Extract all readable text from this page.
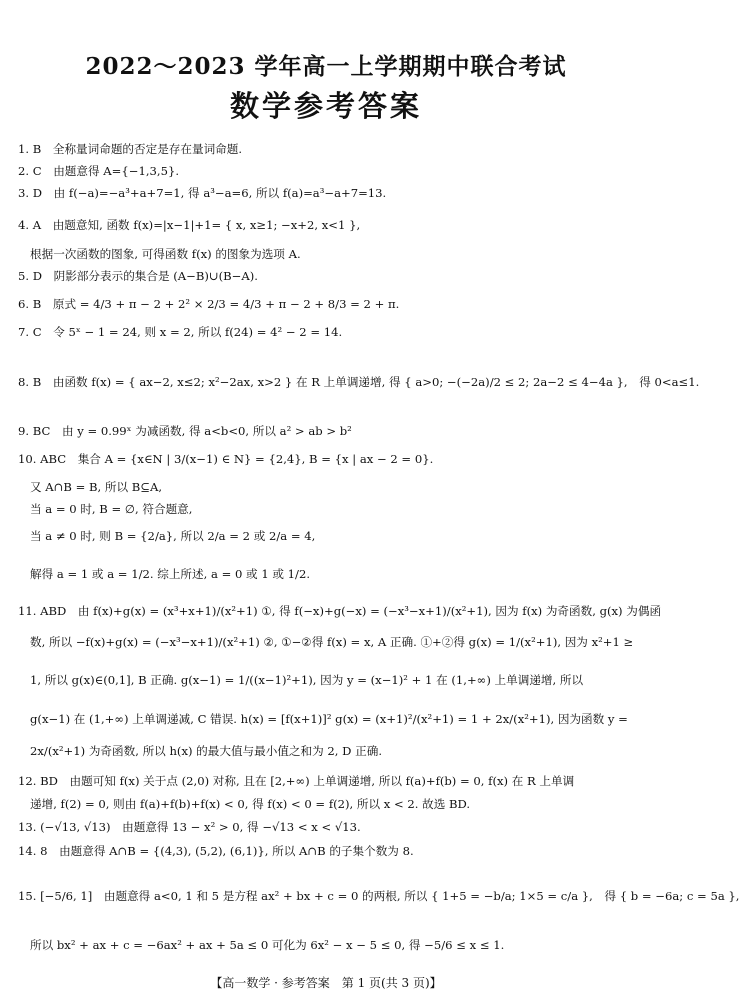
2022～2023 学年高一上学期期中联合考试
数学参考答案
1. B　全称量词命题的否定是存在量词命题.
2. C　由题意得 A={−1,3,5}.
3. D　由 f(−a)=−a³+a+7=1, 得 a³−a=6, 所以 f(a)=a³−a+7=13.
4. A　由题意知, 函数 f(x)=|x−1|+1= { x, x≥1; −x+2, x<1 },
根据一次函数的图象, 可得函数 f(x) 的图象为选项 A.
5. D　阴影部分表示的集合是 (A−B)∪(B−A).
6. B　原式 = 4/3 + π − 2 + 2² × 2/3 = 4/3 + π − 2 + 8/3 = 2 + π.
7. C　令 5ˣ − 1 = 24, 则 x = 2, 所以 f(24) = 4² − 2 = 14.
8. B　由函数 f(x) = { ax−2, x≤2; x²−2ax, x>2 } 在 R 上单调递增, 得 { a>0; −(−2a)/2 ≤ 2; 2a−2 ≤ 4−4a },　得 0<a≤1.
9. BC　由 y = 0.99ˣ 为减函数, 得 a<b<0, 所以 a² > ab > b²
10. ABC　集合 A = {x∈N | 3/(x−1) ∈ N} = {2,4}, B = {x | ax − 2 = 0}.
又 A∩B = B, 所以 B⊆A,
当 a = 0 时, B = ∅, 符合题意,
当 a ≠ 0 时, 则 B = {2/a}, 所以 2/a = 2 或 2/a = 4,
解得 a = 1 或 a = 1/2. 综上所述, a = 0 或 1 或 1/2.
11. ABD　由 f(x)+g(x) = (x³+x+1)/(x²+1) ①, 得 f(−x)+g(−x) = (−x³−x+1)/(x²+1), 因为 f(x) 为奇函数, g(x) 为偶函
数, 所以 −f(x)+g(x) = (−x³−x+1)/(x²+1) ②, ①−②得 f(x) = x, A 正确. ①+②得 g(x) = 1/(x²+1), 因为 x²+1 ≥
1, 所以 g(x)∈(0,1], B 正确. g(x−1) = 1/((x−1)²+1), 因为 y = (x−1)² + 1 在 (1,+∞) 上单调递增, 所以
g(x−1) 在 (1,+∞) 上单调递减, C 错误. h(x) = [f(x+1)]² g(x) = (x+1)²/(x²+1) = 1 + 2x/(x²+1), 因为函数 y =
2x/(x²+1) 为奇函数, 所以 h(x) 的最大值与最小值之和为 2, D 正确.
12. BD　由题可知 f(x) 关于点 (2,0) 对称, 且在 [2,+∞) 上单调递增, 所以 f(a)+f(b) = 0, f(x) 在 R 上单调
递增, f(2) = 0, 则由 f(a)+f(b)+f(x) < 0, 得 f(x) < 0 = f(2), 所以 x < 2. 故选 BD.
13. (−√13, √13)　由题意得 13 − x² > 0, 得 −√13 < x < √13.
14. 8　由题意得 A∩B = {(4,3), (5,2), (6,1)}, 所以 A∩B 的子集个数为 8.
15. [−5/6, 1]　由题意得 a<0, 1 和 5 是方程 ax² + bx + c = 0 的两根, 所以 { 1+5 = −b/a; 1×5 = c/a },　得 { b = −6a; c = 5a },
所以 bx² + ax + c = −6ax² + ax + 5a ≤ 0 可化为 6x² − x − 5 ≤ 0, 得 −5/6 ≤ x ≤ 1.
【高一数学 · 参考答案　第 1 页(共 3 页)】
